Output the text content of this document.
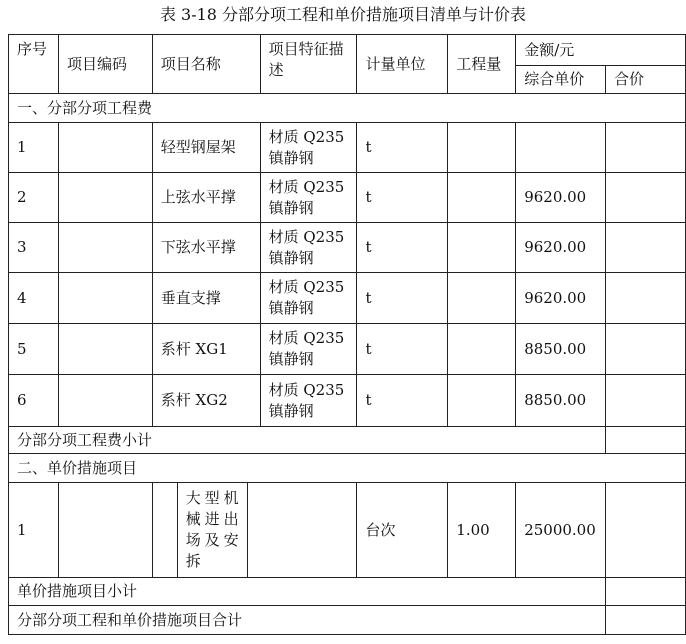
表 3-18 分部分项工程和单价措施项目清单与计价表
序号	项目编码	项目名称			项目特征描述	计量单位	工程量	金额/元	
								综合单价	合价
一、分部分项工程费									
1		轻型钢屋架			材质 Q235 镇静钢	t			
2		上弦水平撑			材质 Q235 镇静钢	t		9620.00	
3		下弦水平撑			材质 Q235 镇静钢	t		9620.00	
4		垂直支撑			材质 Q235 镇静钢	t		9620.00	
5		系杆 XG1			材质 Q235 镇静钢	t		8850.00	
6		系杆 XG2			材质 Q235 镇静钢	t		8850.00	
分部分项工程费小计									
二、单价措施项目									
1			大型机械进出场及安拆			台次	1.00	25000.00	
单价措施项目小计									
分部分项工程和单价措施项目合计									
